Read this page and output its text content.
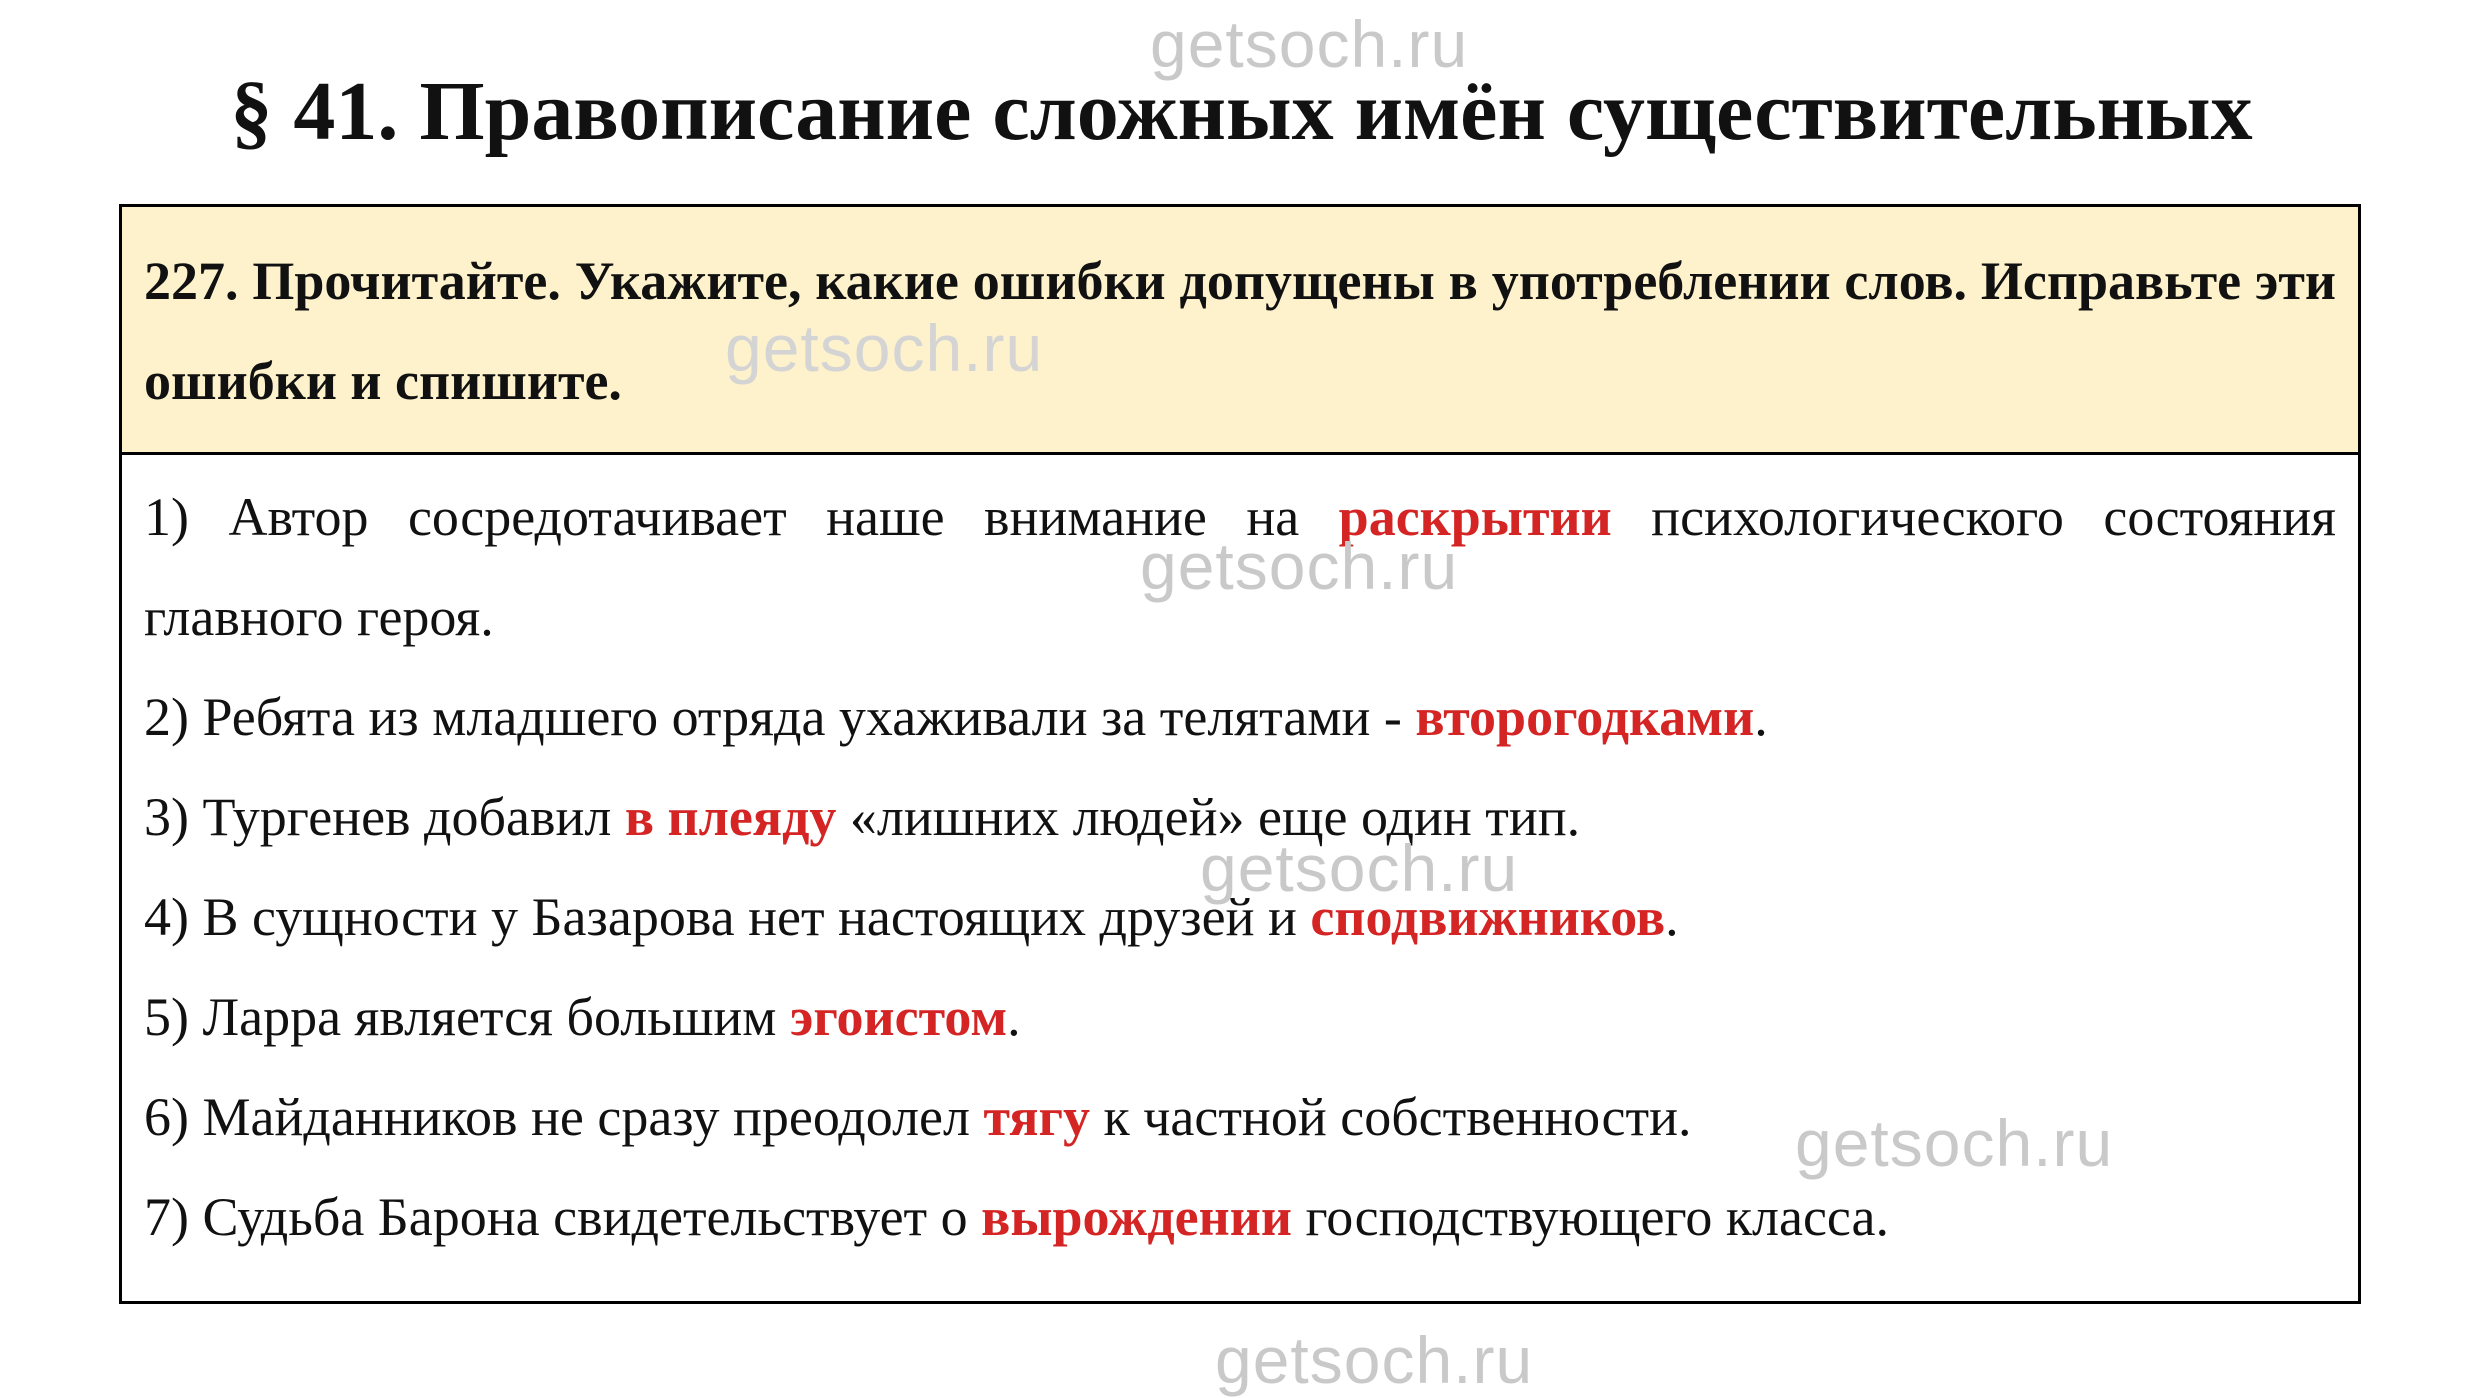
getsoch.ru
§ 41. Правописание сложных имён существительных

227. Прочитайте. Укажите, какие ошибки допущены в употреблении слов. Исправьте эти ошибки и спишите.

1) Автор сосредотачивает наше внимание на раскрытии психологического состояния главного героя.

2) Ребята из младшего отряда ухаживали за телятами - второгодками.

3) Тургенев добавил в плеяду «лишних людей» еще один тип.

4) В сущности у Базарова нет настоящих друзей и сподвижников.

5) Ларра является большим эгоистом.

6) Майданников не сразу преодолел тягу к частной собственности.

7) Судьба Барона свидетельствует о вырождении господствующего класса.

getsoch.ru
getsoch.ru
getsoch.ru
getsoch.ru
getsoch.ru
